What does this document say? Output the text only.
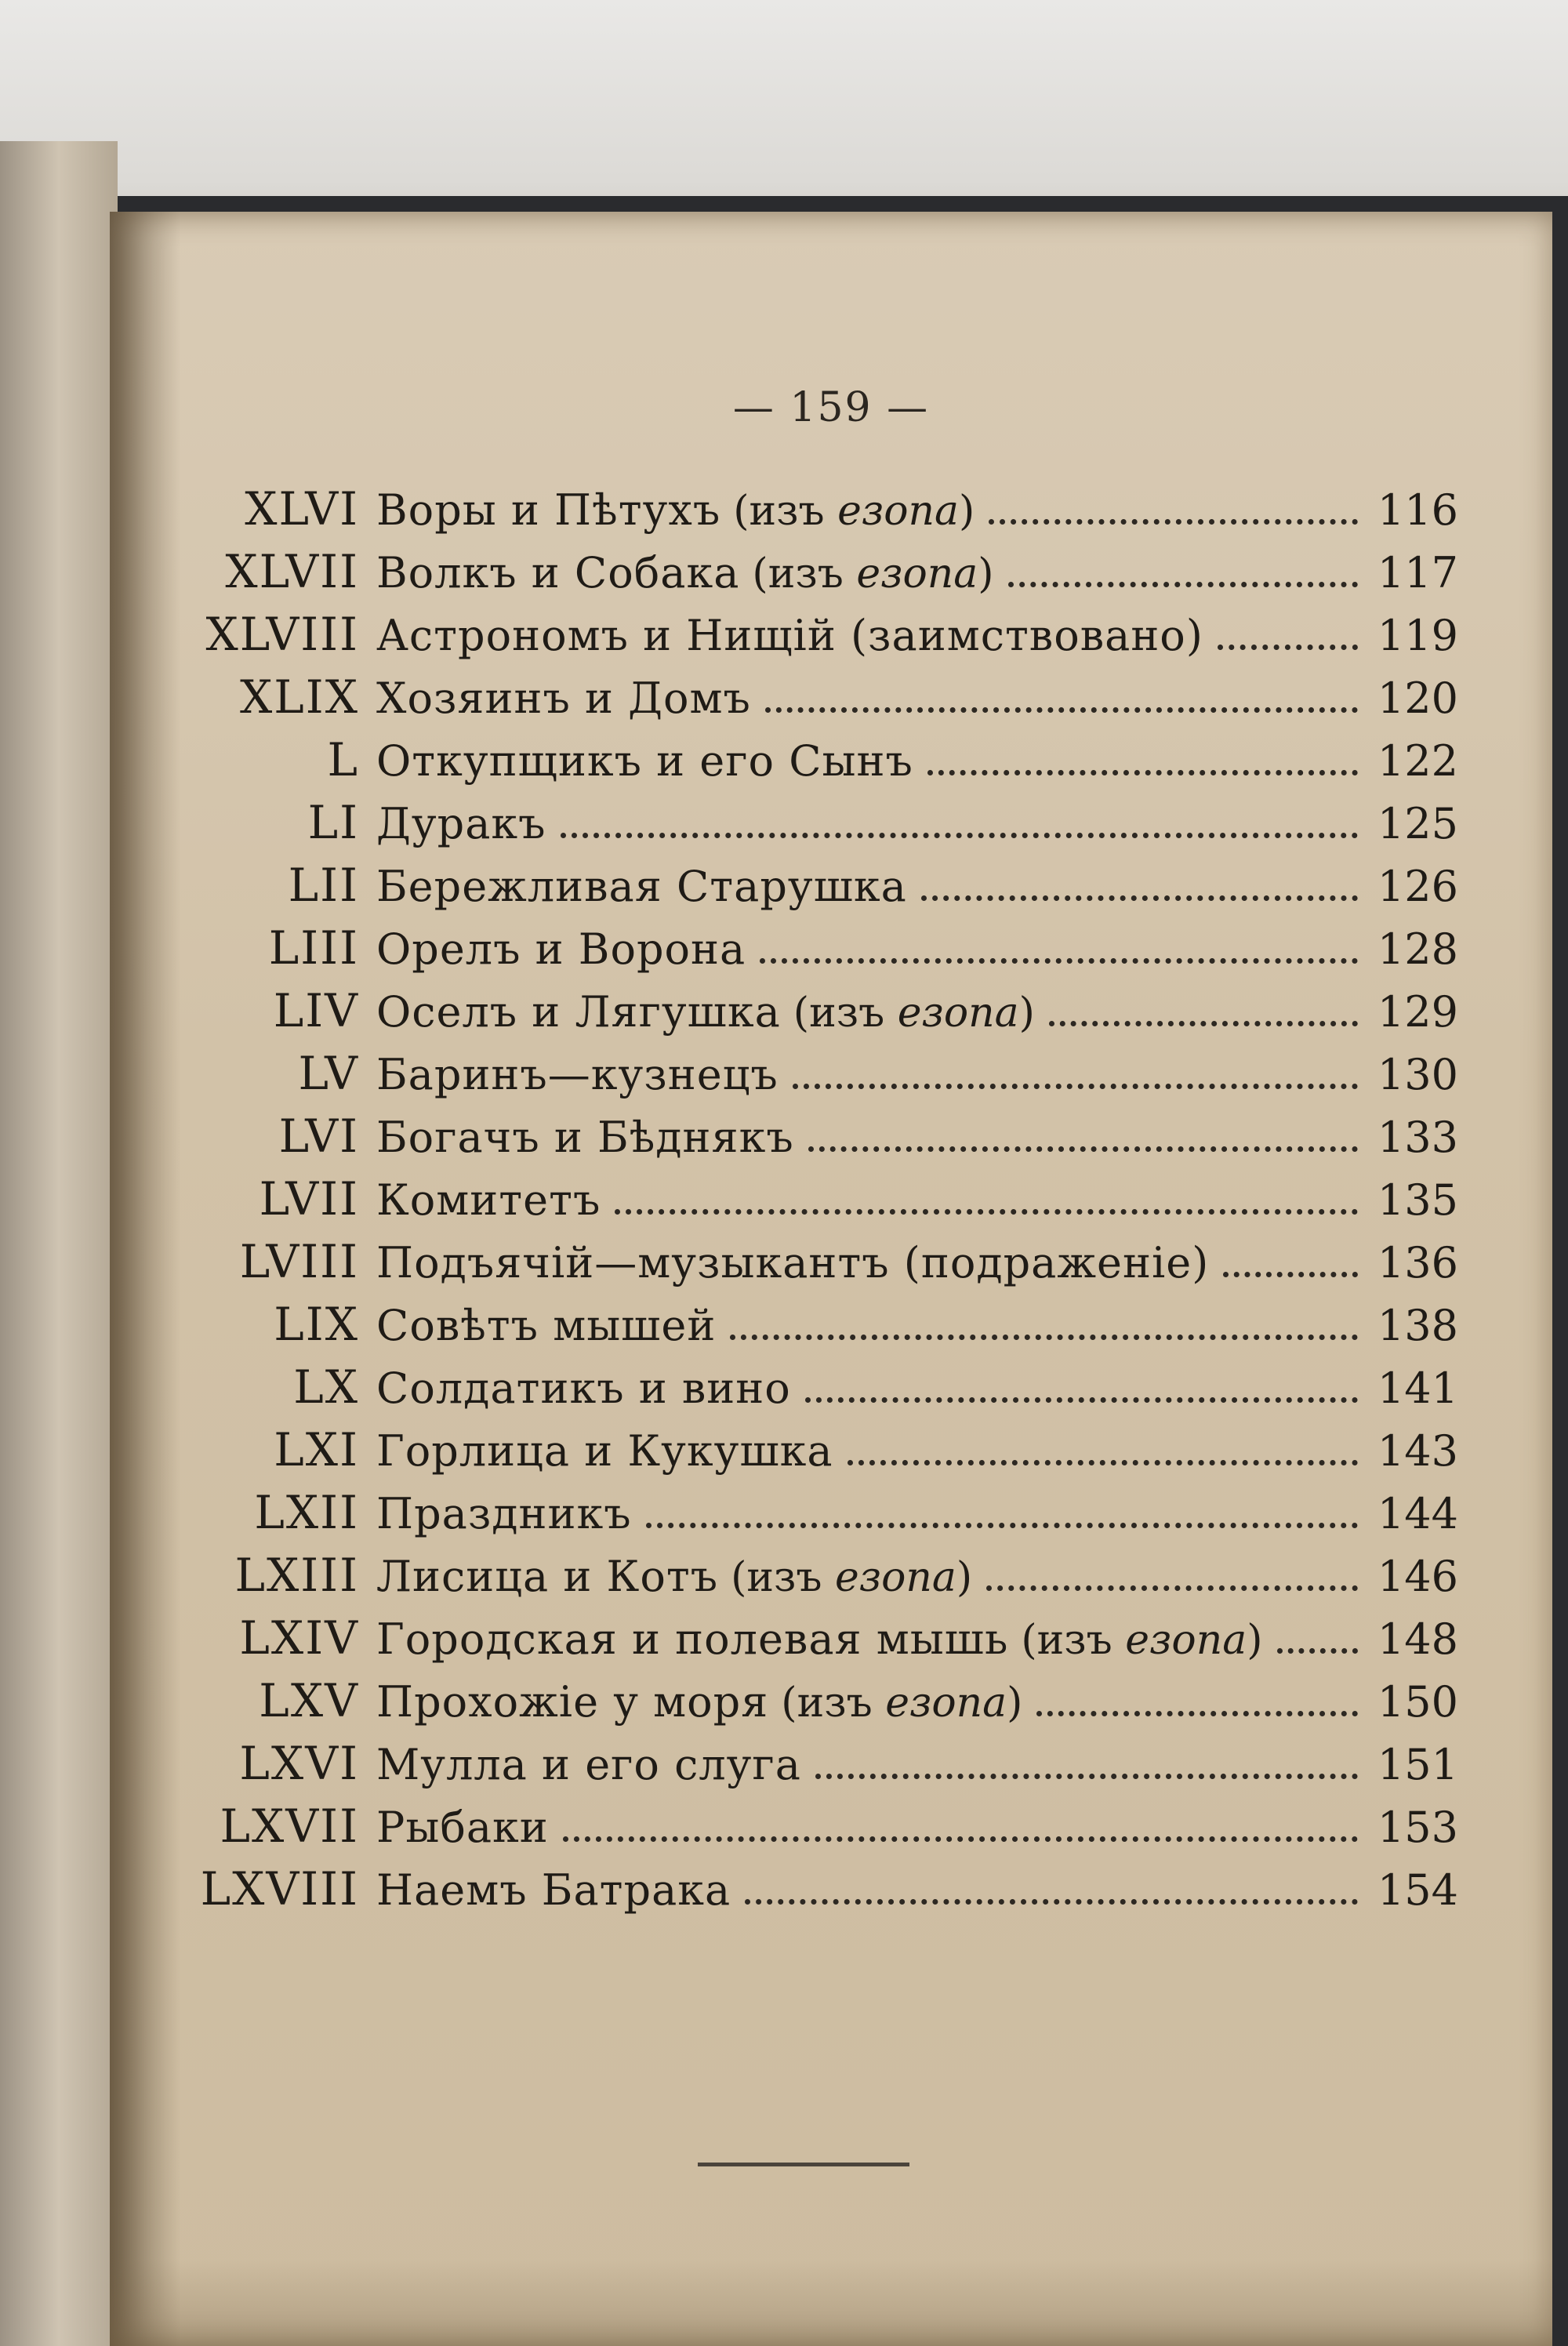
— 159 —
XLVI Воры и Пѣтухъ (изъ езопа)	116
XLVII Волкъ и Собака (изъ езопа)	117
XLVIII Астрономъ и Нищій (заимствовано)	119
XLIX Хозяинъ и Домъ	120
L Откупщикъ и его Сынъ	122
LI Дуракъ	125
LII Бережливая Старушка	126
LIII Орелъ и Ворона	128
LIV Оселъ и Лягушка (изъ езопа)	129
LV Баринъ—кузнецъ	130
LVI Богачъ и Бѣднякъ	133
LVII Комитетъ	135
LVIII Подъячій—музыкантъ (подраженіе)	136
LIX Совѣтъ мышей	138
LX Солдатикъ и вино	141
LXI Горлица и Кукушка	143
LXII Праздникъ	144
LXIII Лисица и Котъ (изъ езопа)	146
LXIV Городская и полевая мышь (изъ езопа)	148
LXV Прохожіе у моря (изъ езопа)	150
LXVI Мулла и его слуга	151
LXVII Рыбаки	153
LXVIII Наемъ Батрака	154
